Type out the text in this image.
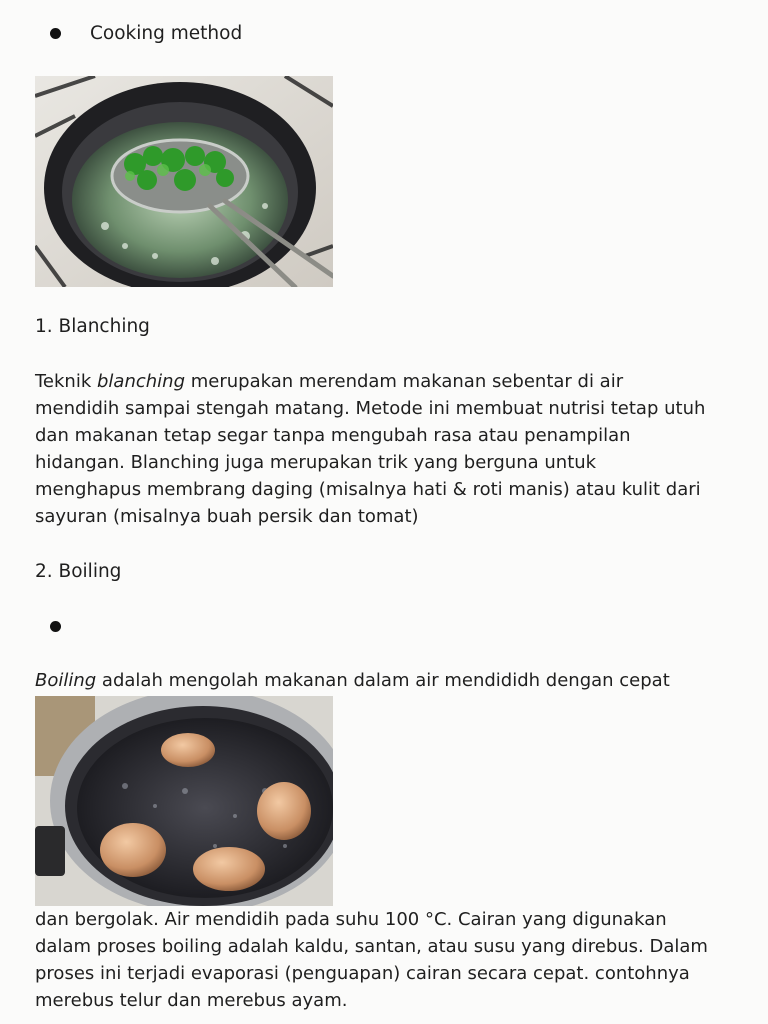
Cooking method
1. Blanching
Teknik blanching merupakan merendam makanan sebentar di air
mendidih sampai stengah matang. Metode ini membuat nutrisi tetap utuh
dan makanan tetap segar tanpa mengubah rasa atau penampilan
hidangan. Blanching juga merupakan trik yang berguna untuk
menghapus membrang daging (misalnya hati & roti manis) atau kulit dari
sayuran (misalnya buah persik dan tomat)
2. Boiling
Boiling adalah mengolah makanan dalam air mendididh dengan cepat
dan bergolak. Air mendidih pada suhu 100 °C. Cairan yang digunakan
dalam proses boiling adalah kaldu, santan, atau susu yang direbus. Dalam
proses ini terjadi evaporasi (penguapan) cairan secara cepat. contohnya
merebus telur dan merebus ayam.
